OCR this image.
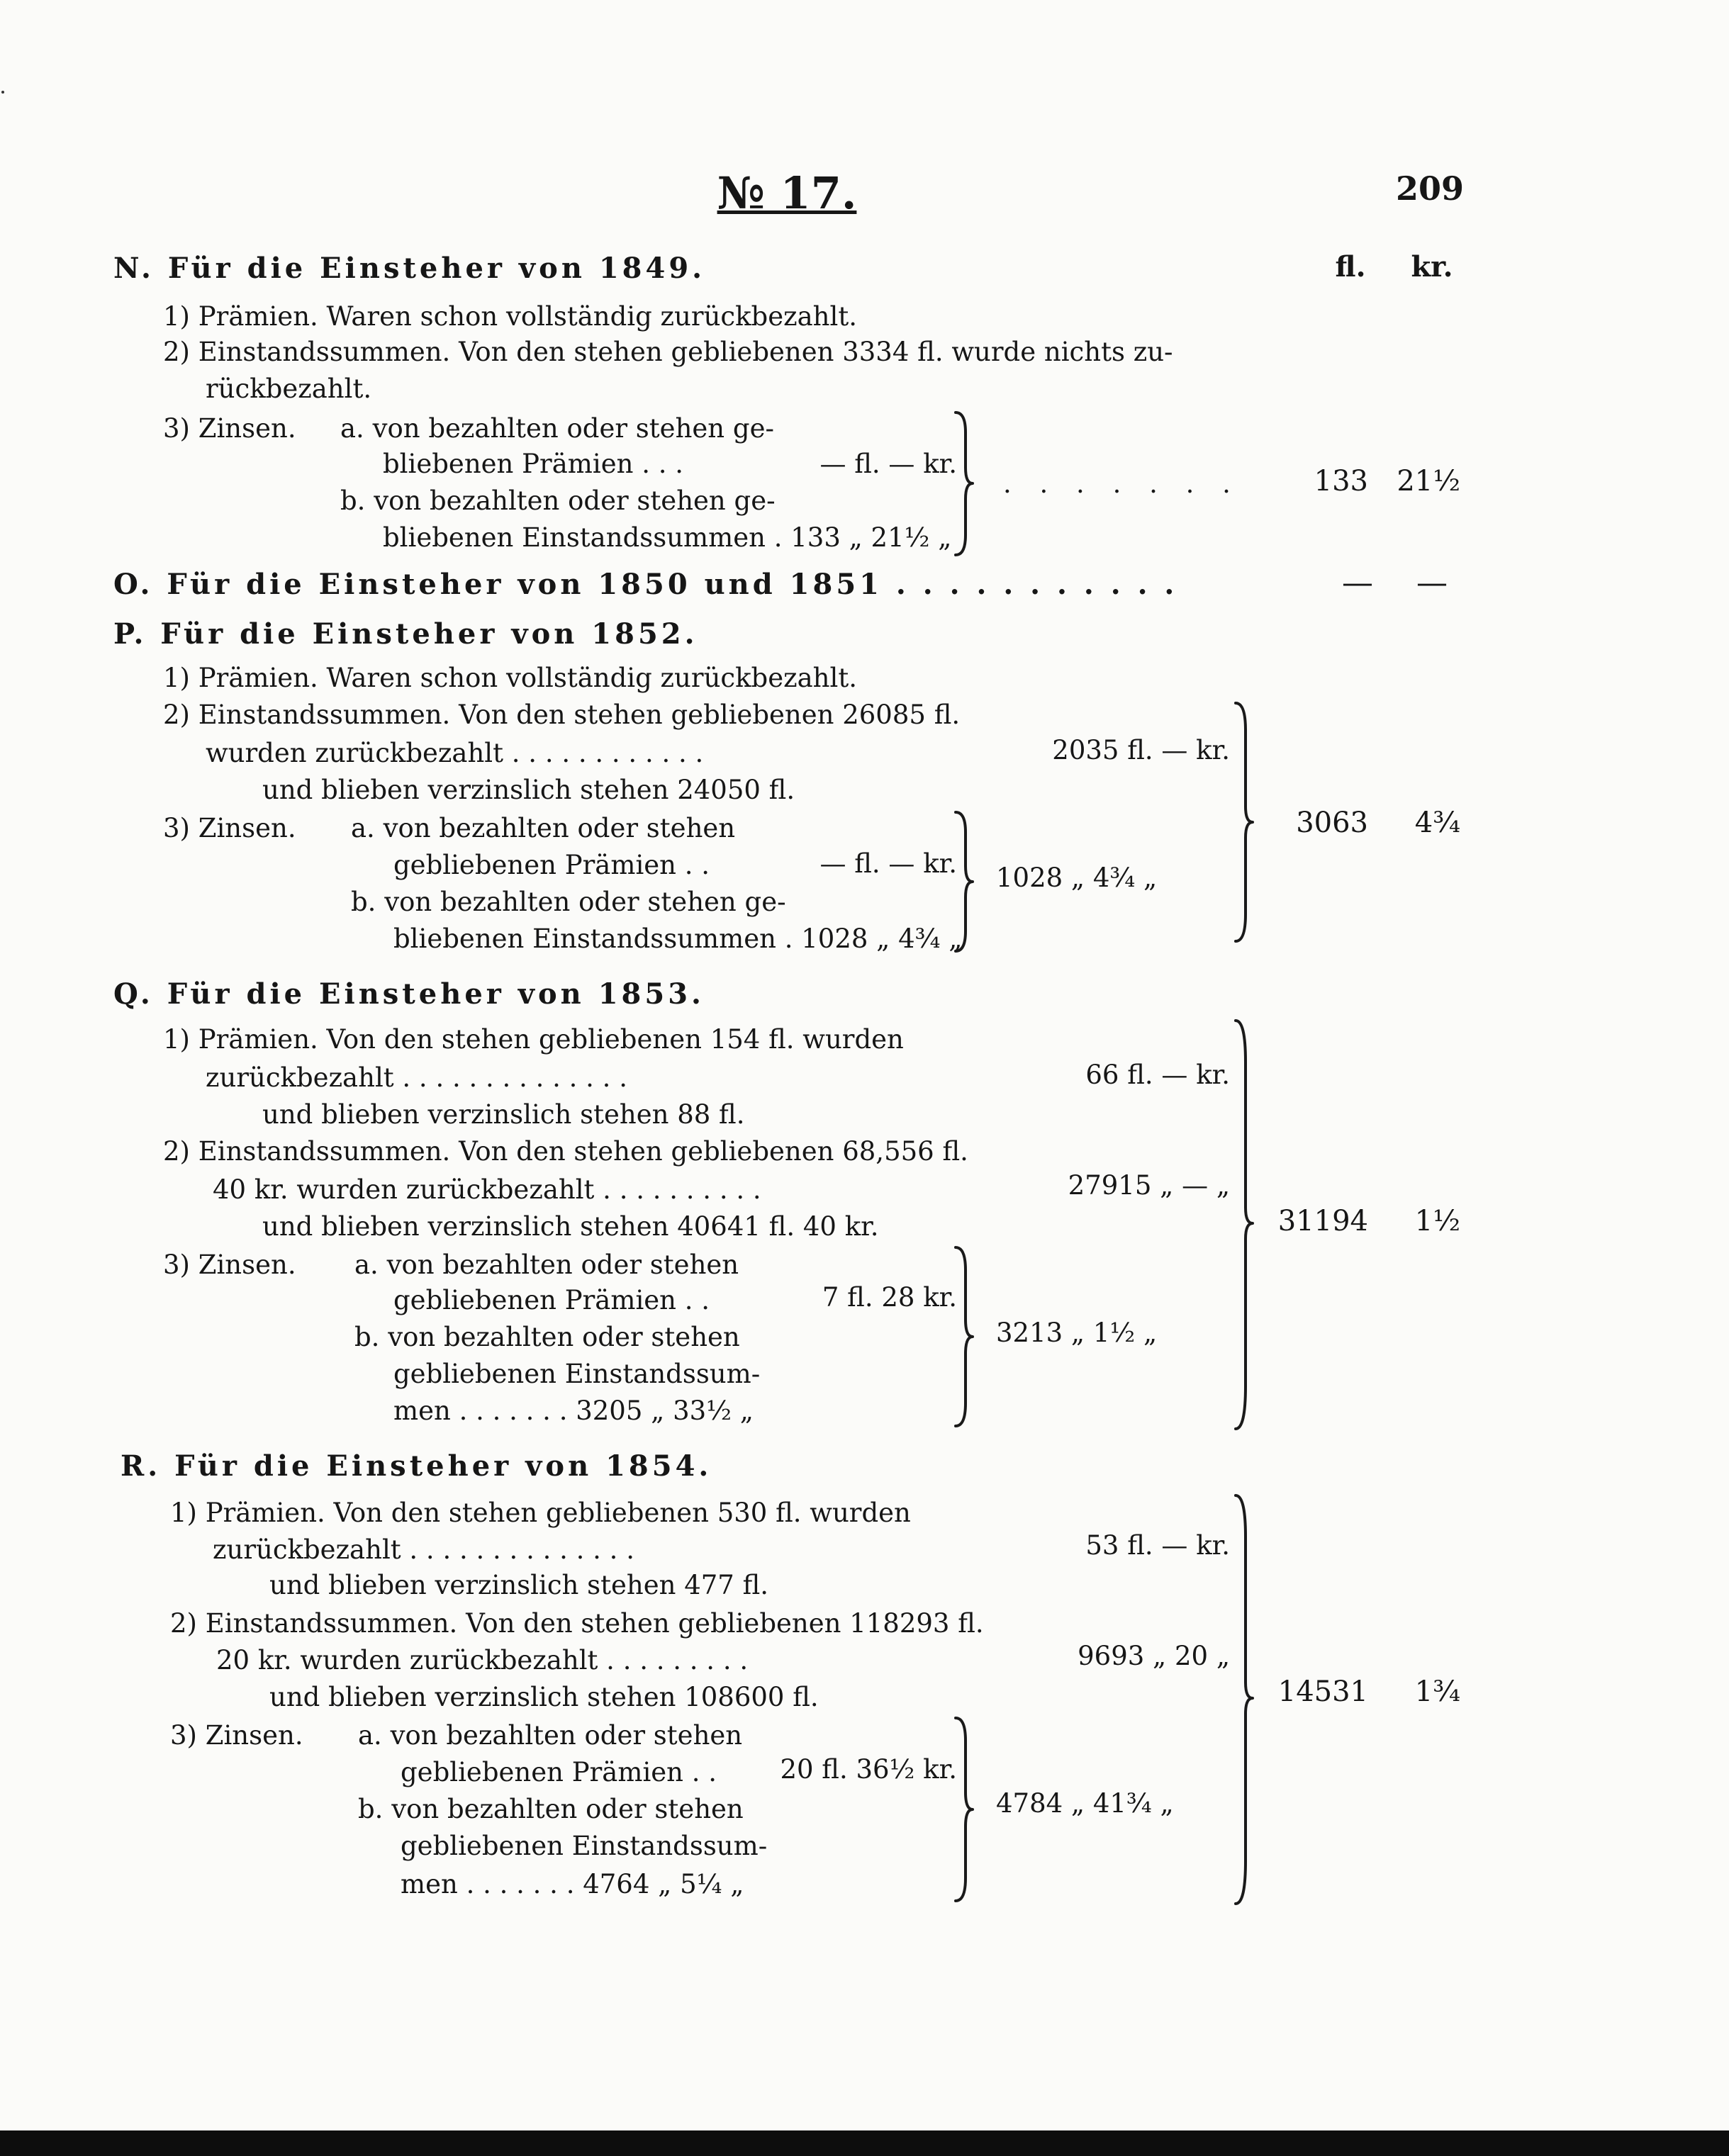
№ 17.	209
fl.	kr.
N. Für die Einsteher von 1849.
1) Prämien. Waren schon vollständig zurückbezahlt.
2) Einstandssummen. Von den stehen gebliebenen 3334 fl. wurde nichts zu-
rückbezahlt.
3) Zinsen. a. von bezahlten oder stehen ge-
bliebenen Prämien . . .	— fl. — kr.
b. von bezahlten oder stehen ge-
bliebenen Einstandssummen . 133 „ 21½ „
. . . . . . .	133 21½
O. Für die Einsteher von 1850 und 1851 . . . . . . . . . . .	—	—
P. Für die Einsteher von 1852.
1) Prämien. Waren schon vollständig zurückbezahlt.
2) Einstandssummen. Von den stehen gebliebenen 26085 fl.
wurden zurückbezahlt . . . . . . . . . . . .	2035 fl. — kr.
und blieben verzinslich stehen 24050 fl.
3) Zinsen. a. von bezahlten oder stehen
gebliebenen Prämien . .	— fl. — kr.
b. von bezahlten oder stehen ge-
bliebenen Einstandssummen . 1028 „ 4¾ „
1028 „ 4¾ „
3063	4¾
Q. Für die Einsteher von 1853.
1) Prämien. Von den stehen gebliebenen 154 fl. wurden
zurückbezahlt . . . . . . . . . . . . . .	66 fl. — kr.
und blieben verzinslich stehen 88 fl.
2) Einstandssummen. Von den stehen gebliebenen 68,556 fl.
40 kr. wurden zurückbezahlt . . . . . . . . . .	27915 „ — „
und blieben verzinslich stehen 40641 fl. 40 kr.
3) Zinsen. a. von bezahlten oder stehen
gebliebenen Prämien . .	7 fl. 28 kr.
b. von bezahlten oder stehen
gebliebenen Einstandssum-
men . . . . . . . 3205 „ 33½ „
3213 „ 1½ „
31194	1½
R. Für die Einsteher von 1854.
1) Prämien. Von den stehen gebliebenen 530 fl. wurden
zurückbezahlt . . . . . . . . . . . . . .	53 fl. — kr.
und blieben verzinslich stehen 477 fl.
2) Einstandssummen. Von den stehen gebliebenen 118293 fl.
20 kr. wurden zurückbezahlt . . . . . . . . .	9693 „ 20 „
und blieben verzinslich stehen 108600 fl.
3) Zinsen. a. von bezahlten oder stehen
gebliebenen Prämien . .	20 fl. 36½ kr.
b. von bezahlten oder stehen
gebliebenen Einstandssum-
men . . . . . . . 4764 „ 5¼ „
4784 „ 41¾ „
14531	1¾
